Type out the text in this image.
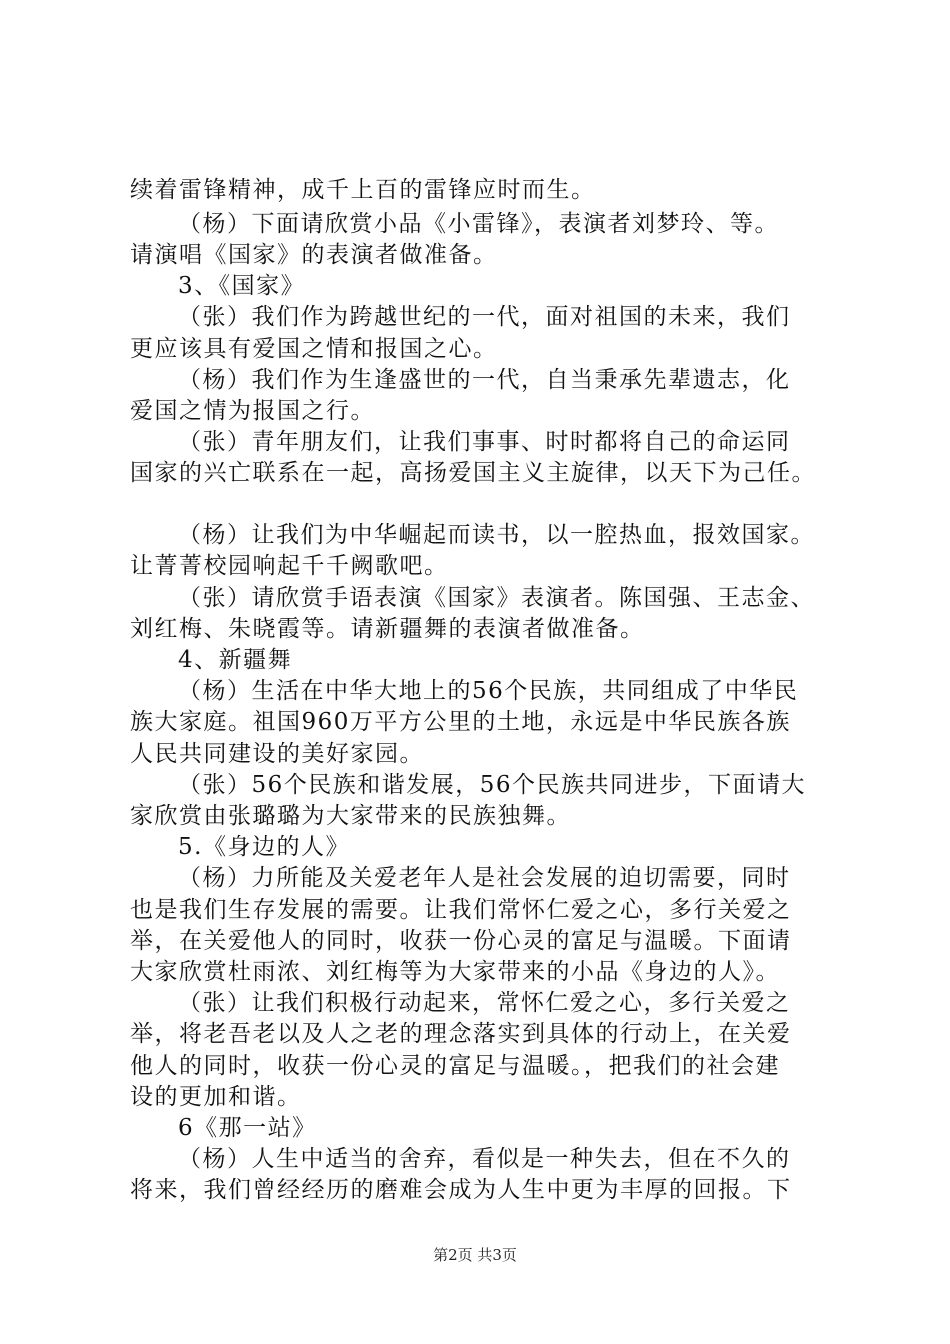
续着雷锋精神，成千上百的雷锋应时而生。
（杨）下面请欣赏小品《小雷锋》，表演者刘梦玲、等。
请演唱《国家》的表演者做准备。
3、《国家》
（张）我们作为跨越世纪的一代，面对祖国的未来，我们
更应该具有爱国之情和报国之心。
（杨）我们作为生逢盛世的一代，自当秉承先辈遗志，化
爱国之情为报国之行。
（张）青年朋友们，让我们事事、时时都将自己的命运同
国家的兴亡联系在一起，高扬爱国主义主旋律，以天下为己任。
（杨）让我们为中华崛起而读书，以一腔热血，报效国家。
让菁菁校园响起千千阙歌吧。
（张）请欣赏手语表演《国家》表演者。陈国强、王志金、
刘红梅、朱晓霞等。请新疆舞的表演者做准备。
4、新疆舞
（杨）生活在中华大地上的56个民族，共同组成了中华民
族大家庭。祖国960万平方公里的土地，永远是中华民族各族
人民共同建设的美好家园。
（张）56个民族和谐发展，56个民族共同进步，下面请大
家欣赏由张璐璐为大家带来的民族独舞。
5.《身边的人》
（杨）力所能及关爱老年人是社会发展的迫切需要，同时
也是我们生存发展的需要。让我们常怀仁爱之心，多行关爱之
举，在关爱他人的同时，收获一份心灵的富足与温暖。下面请
大家欣赏杜雨浓、刘红梅等为大家带来的小品《身边的人》。
（张）让我们积极行动起来，常怀仁爱之心，多行关爱之
举，将老吾老以及人之老的理念落实到具体的行动上，在关爱
他人的同时，收获一份心灵的富足与温暖。，把我们的社会建
设的更加和谐。
6《那一站》
（杨）人生中适当的舍弃，看似是一种失去，但在不久的
将来，我们曾经经历的磨难会成为人生中更为丰厚的回报。下
第2页 共3页
